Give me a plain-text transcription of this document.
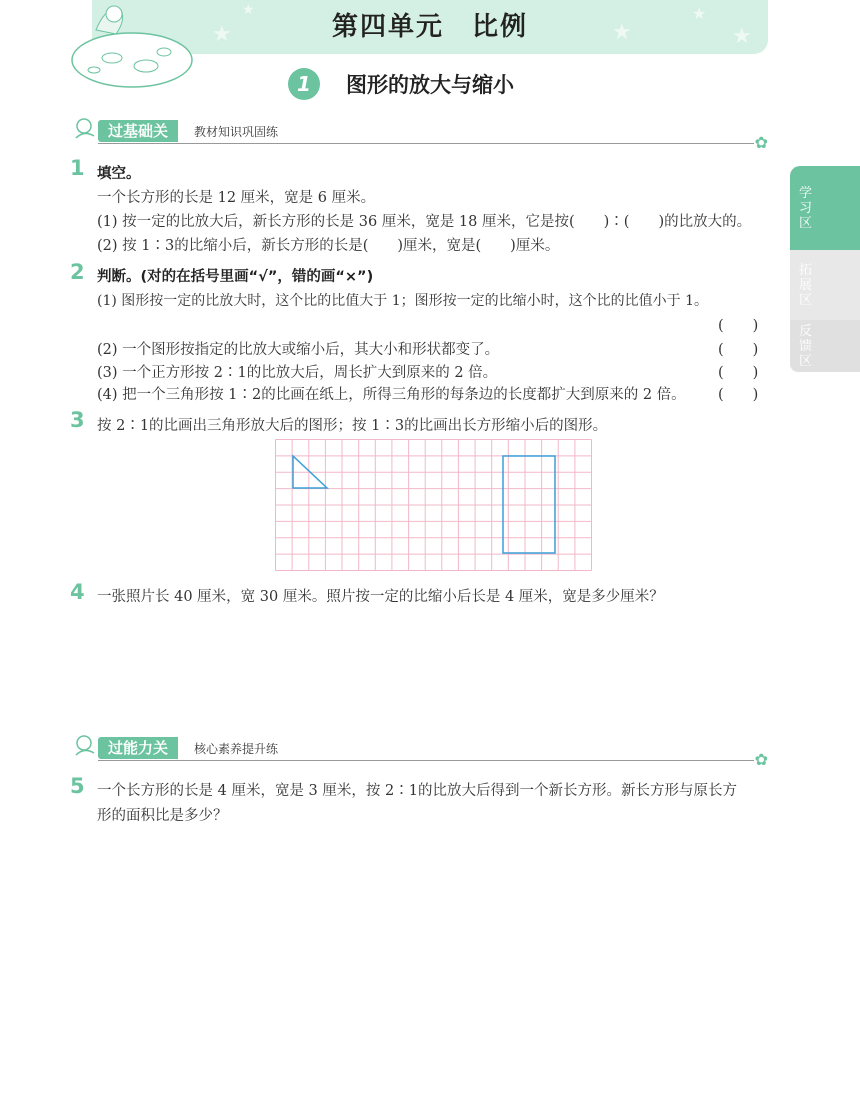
★
★
★
★
★
第四单元　比例
1	图形的放大与缩小
过基础关	教材知识巩固练
✿
1 填空。
一个长方形的长是 12 厘米，宽是 6 厘米。
(1) 按一定的比放大后，新长方形的长是 36 厘米，宽是 18 厘米，它是按(　　)∶(　　)的比放大的。
(2) 按 1∶3的比缩小后，新长方形的长是(　　)厘米，宽是(　　)厘米。
2 判断。(对的在括号里画“√”，错的画“×”)
(1) 图形按一定的比放大时，这个比的比值大于 1；图形按一定的比缩小时，这个比的比值小于 1。
(　　)
(2) 一个图形按指定的比放大或缩小后，其大小和形状都变了。	(　　)
(3) 一个正方形按 2∶1的比放大后，周长扩大到原来的 2 倍。	(　　)
(4) 把一个三角形按 1∶2的比画在纸上，所得三角形的每条边的长度都扩大到原来的 2 倍。 (　　)
3 按 2∶1的比画出三角形放大后的图形；按 1∶3的比画出长方形缩小后的图形。
4 一张照片长 40 厘米，宽 30 厘米。照片按一定的比缩小后长是 4 厘米，宽是多少厘米？
过能力关	核心素养提升练
✿
5 一个长方形的长是 4 厘米，宽是 3 厘米，按 2∶1的比放大后得到一个新长方形。新长方形与原长方
形的面积比是多少？
学习区
拓展区
反馈区
